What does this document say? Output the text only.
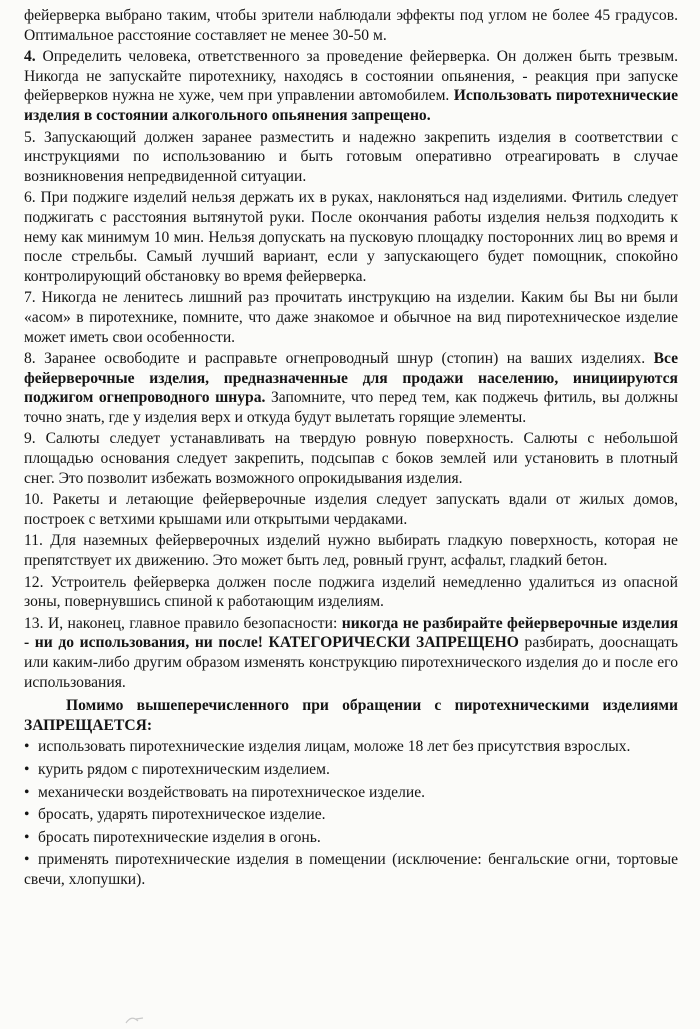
фейерверка выбрано таким, чтобы зрители наблюдали эффекты под углом не более 45 градусов. Оптимальное расстояние составляет не менее 30-50 м.

4. Определить человека, ответственного за проведение фейерверка. Он должен быть трезвым. Никогда не запускайте пиротехнику, находясь в состоянии опьянения, - реакция при запуске фейерверков нужна не хуже, чем при управлении автомобилем. Использовать пиротехнические изделия в состоянии алкогольного опьянения запрещено.

5. Запускающий должен заранее разместить и надежно закрепить изделия в соответствии с инструкциями по использованию и быть готовым оперативно отреагировать в случае возникновения непредвиденной ситуации.

6. При поджиге изделий нельзя держать их в руках, наклоняться над изделиями. Фитиль следует поджигать с расстояния вытянутой руки. После окончания работы изделия нельзя подходить к нему как минимум 10 мин. Нельзя допускать на пусковую площадку посторонних лиц во время и после стрельбы. Самый лучший вариант, если у запускающего будет помощник, спокойно контролирующий обстановку во время фейерверка.

7. Никогда не ленитесь лишний раз прочитать инструкцию на изделии. Каким бы Вы ни были «асом» в пиротехнике, помните, что даже знакомое и обычное на вид пиротехническое изделие может иметь свои особенности.

8. Заранее освободите и расправьте огнепроводный шнур (стопин) на ваших изделиях. Все фейерверочные изделия, предназначенные для продажи населению, инициируются поджигом огнепроводного шнура. Запомните, что перед тем, как поджечь фитиль, вы должны точно знать, где у изделия верх и откуда будут вылетать горящие элементы.

9. Салюты следует устанавливать на твердую ровную поверхность. Салюты с небольшой площадью основания следует закрепить, подсыпав с боков землей или установить в плотный снег. Это позволит избежать возможного опрокидывания изделия.

10. Ракеты и летающие фейерверочные изделия следует запускать вдали от жилых домов, построек с ветхими крышами или открытыми чердаками.

11. Для наземных фейерверочных изделий нужно выбирать гладкую поверхность, которая не препятствует их движению. Это может быть лед, ровный грунт, асфальт, гладкий бетон.

12. Устроитель фейерверка должен после поджига изделий немедленно удалиться из опасной зоны, повернувшись спиной к работающим изделиям.

13. И, наконец, главное правило безопасности: никогда не разбирайте фейерверочные изделия - ни до использования, ни после! КАТЕГОРИЧЕСКИ ЗАПРЕЩЕНО разбирать, дооснащать или каким-либо другим образом изменять конструкцию пиротехнического изделия до и после его использования.

Помимо вышеперечисленного при обращении с пиротехническими изделиями ЗАПРЕЩАЕТСЯ:

• использовать пиротехнические изделия лицам, моложе 18 лет без присутствия взрослых.
• курить рядом с пиротехническим изделием.
• механически воздействовать на пиротехническое изделие.
• бросать, ударять пиротехническое изделие.
• бросать пиротехнические изделия в огонь.
• применять пиротехнические изделия в помещении (исключение: бенгальские огни, тортовые свечи, хлопушки).
